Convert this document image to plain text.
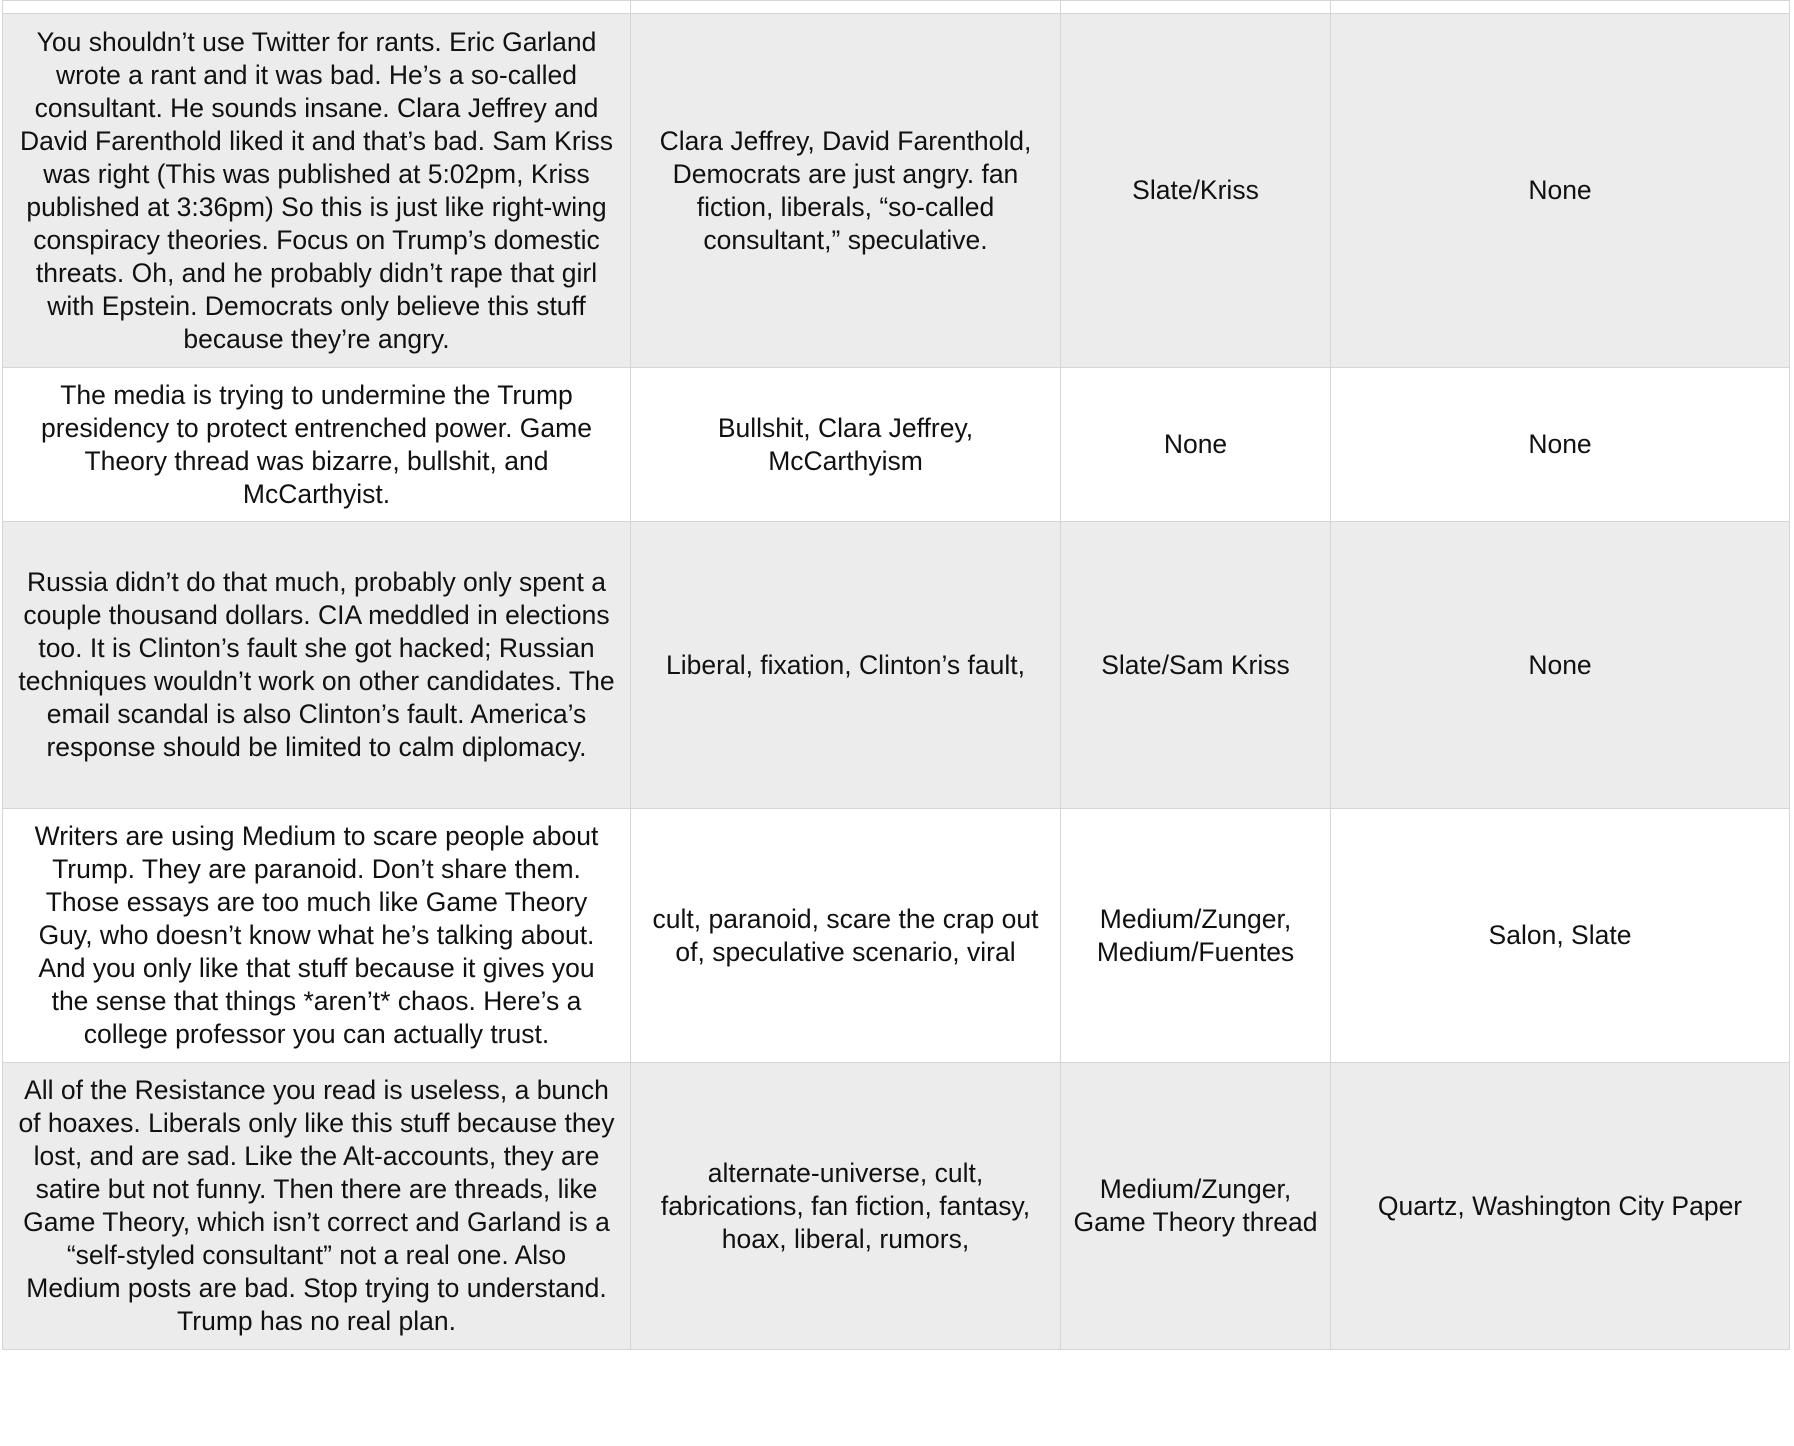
You shouldn’t use Twitter for rants. Eric Garland wrote a rant and it was bad. He’s a so-called consultant. He sounds insane. Clara Jeffrey and David Farenthold liked it and that’s bad. Sam Kriss was right (This was published at 5:02pm, Kriss published at 3:36pm) So this is just like right-wing conspiracy theories. Focus on Trump’s domestic threats. Oh, and he probably didn’t rape that girl with Epstein. Democrats only believe this stuff because they’re angry.	Clara Jeffrey, David Farenthold, Democrats are just angry. fan fiction, liberals, “so-called consultant,” speculative.	Slate/Kriss	None
The media is trying to undermine the Trump presidency to protect entrenched power. Game Theory thread was bizarre, bullshit, and McCarthyist.	Bullshit, Clara Jeffrey, McCarthyism	None	None
Russia didn’t do that much, probably only spent a couple thousand dollars. CIA meddled in elections too. It is Clinton’s fault she got hacked; Russian techniques wouldn’t work on other candidates. The email scandal is also Clinton’s fault. America’s response should be limited to calm diplomacy.	Liberal, fixation, Clinton’s fault,	Slate/Sam Kriss	None
Writers are using Medium to scare people about Trump. They are paranoid. Don’t share them. Those essays are too much like Game Theory Guy, who doesn’t know what he’s talking about. And you only like that stuff because it gives you the sense that things *aren’t* chaos. Here’s a college professor you can actually trust.	cult, paranoid, scare the crap out of, speculative scenario, viral	Medium/Zunger, Medium/Fuentes	Salon, Slate
All of the Resistance you read is useless, a bunch of hoaxes. Liberals only like this stuff because they lost, and are sad. Like the Alt-accounts, they are satire but not funny. Then there are threads, like Game Theory, which isn’t correct and Garland is a “self-styled consultant” not a real one. Also Medium posts are bad. Stop trying to understand. Trump has no real plan.	alternate-universe, cult, fabrications, fan fiction, fantasy, hoax, liberal, rumors,	Medium/Zunger, Game Theory thread	Quartz, Washington City Paper
